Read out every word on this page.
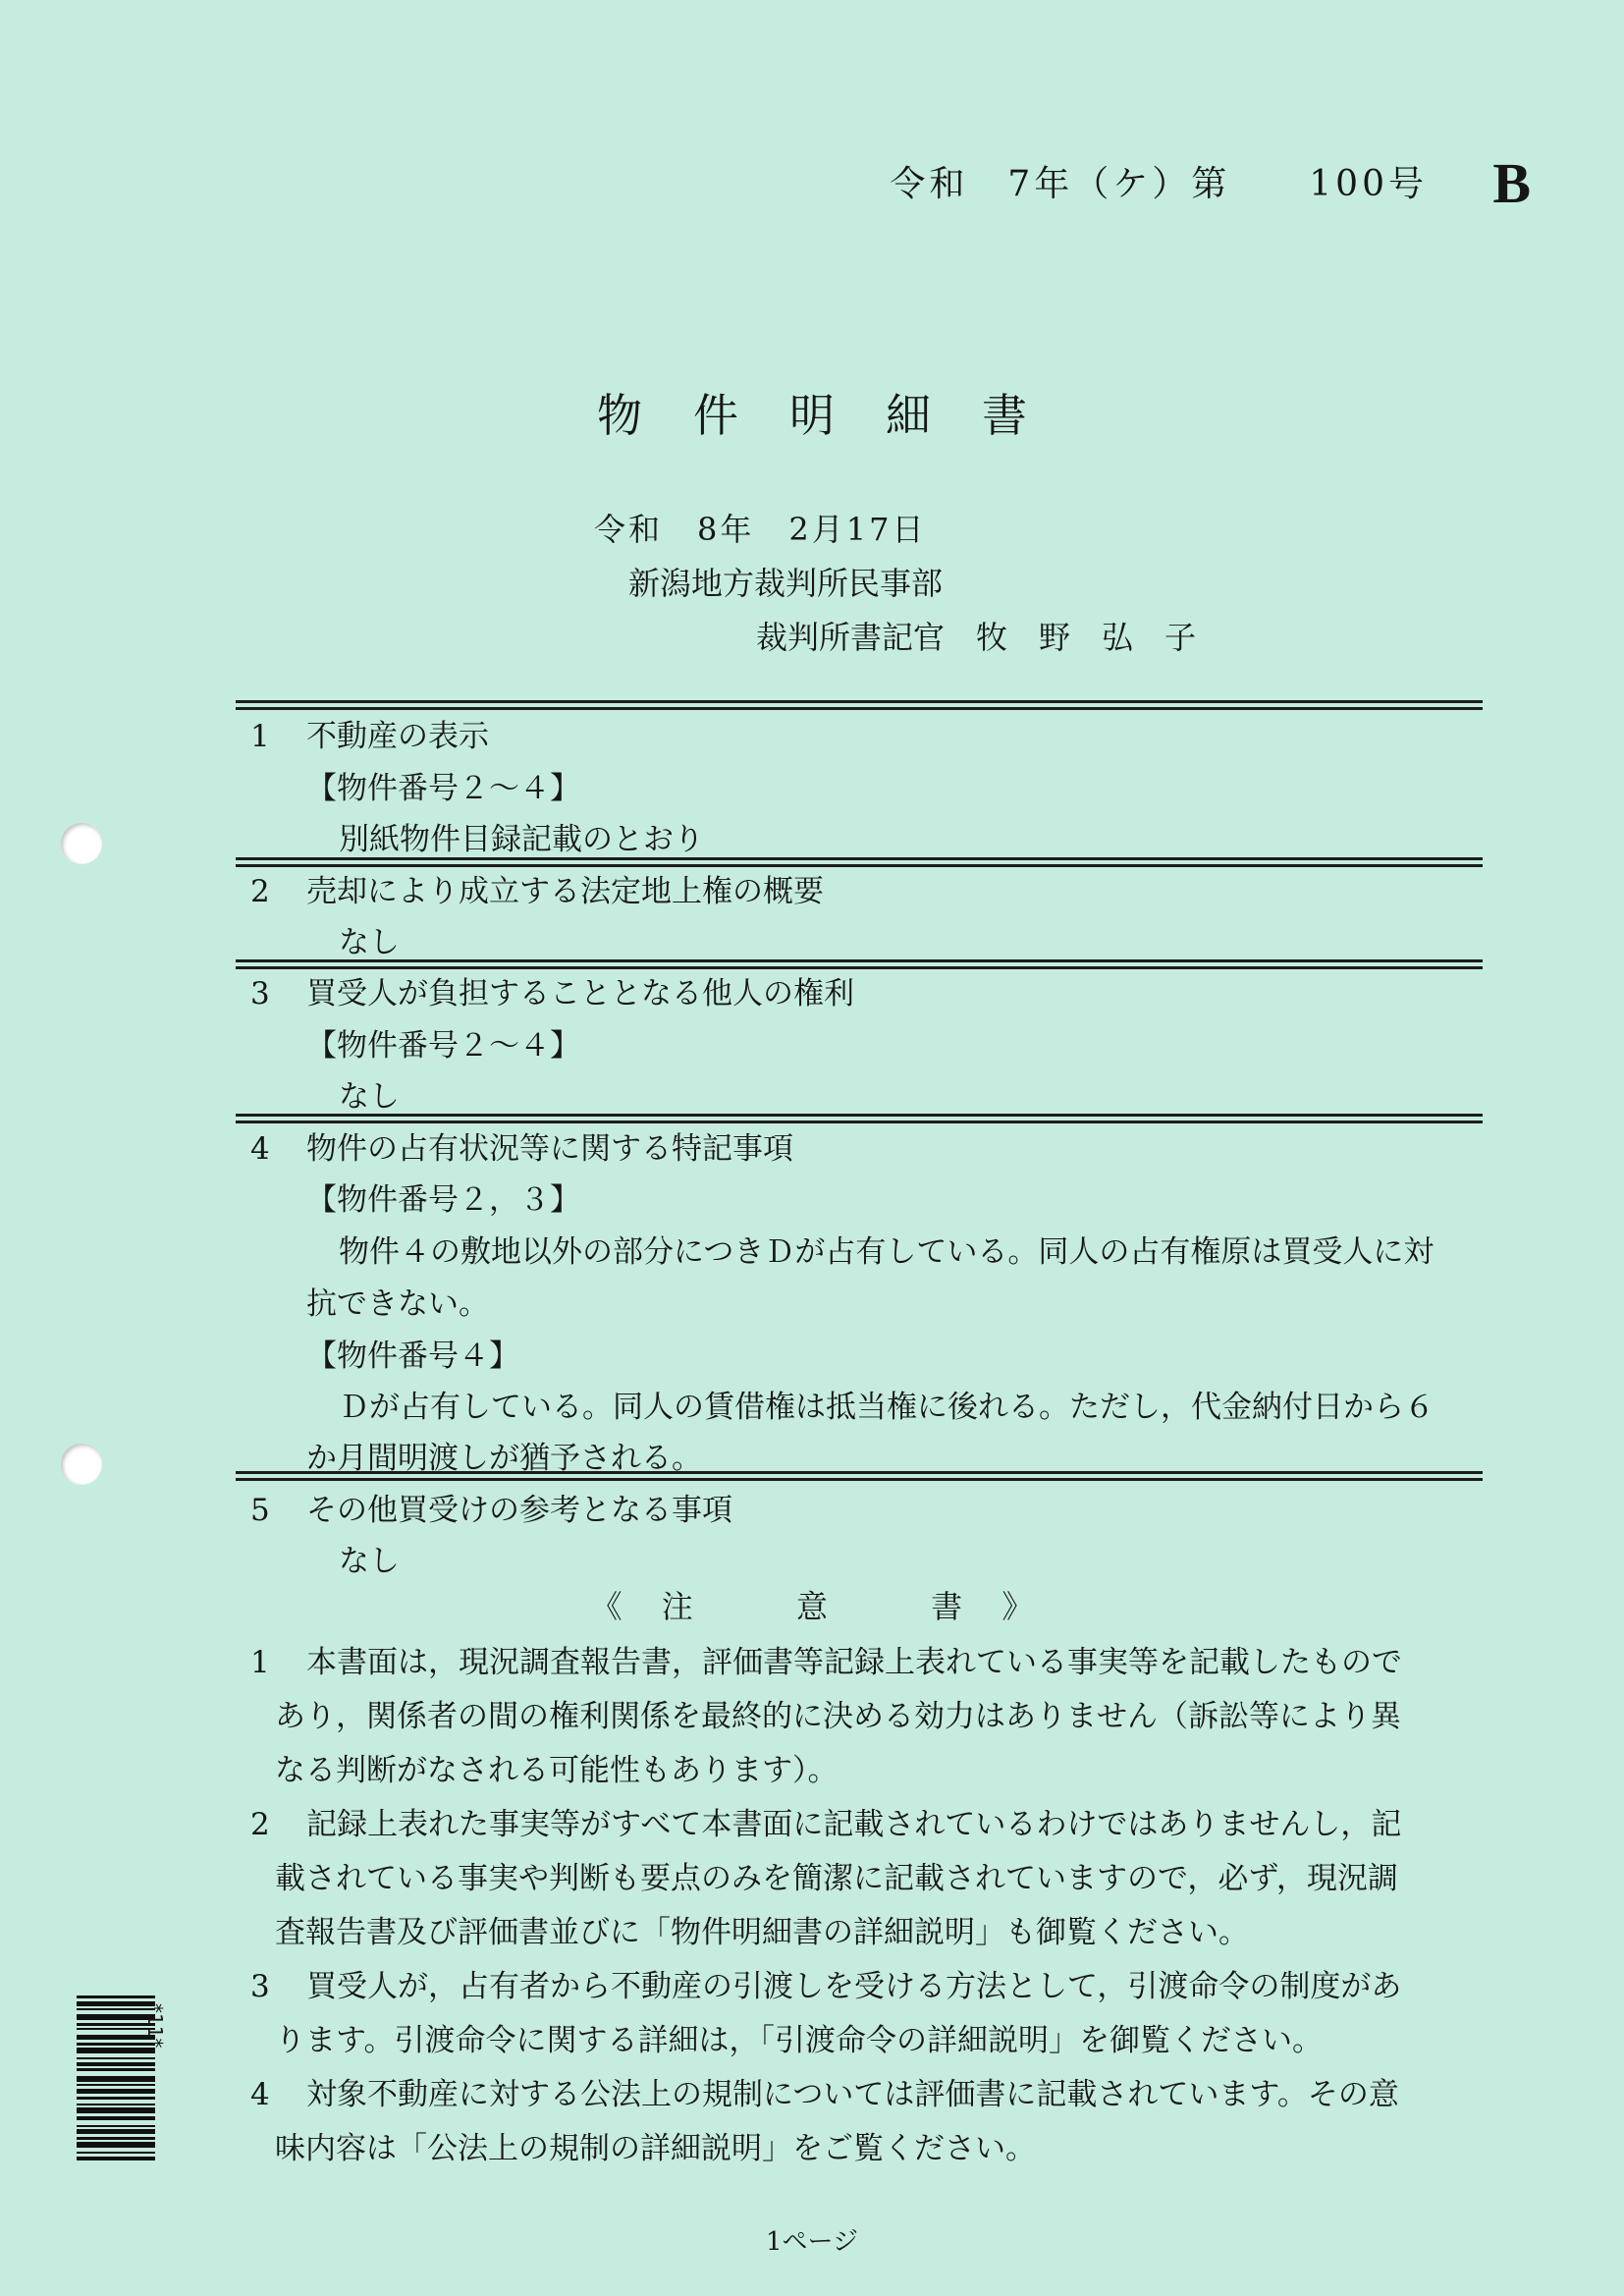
令和　7年（ケ）第　　100号 B
物件明細書
令和　8年　2月17日
新潟地方裁判所民事部
裁判所書記官　牧　野　弘　子
1 不動産の表示
【物件番号２～４】
別紙物件目録記載のとおり
2 売却により成立する法定地上権の概要
なし
3 買受人が負担することとなる他人の権利
【物件番号２～４】
なし
4 物件の占有状況等に関する特記事項
【物件番号２，３】
物件４の敷地以外の部分につきＤが占有している。同人の占有権原は買受人に対
抗できない。
【物件番号４】
Ｄが占有している。同人の賃借権は抵当権に後れる。ただし，代金納付日から６
か月間明渡しが猶予される。
5 その他買受けの参考となる事項
なし
《 注	意	書 》
1 本書面は，現況調査報告書，評価書等記録上表れている事実等を記載したもので
あり，関係者の間の権利関係を最終的に決める効力はありません（訴訟等により異
なる判断がなされる可能性もあります）。
2 記録上表れた事実等がすべて本書面に記載されているわけではありませんし，記
載されている事実や判断も要点のみを簡潔に記載されていますので，必ず，現況調
査報告書及び評価書並びに「物件明細書の詳細説明」も御覧ください。
3 買受人が，占有者から不動産の引渡しを受ける方法として，引渡命令の制度があ
ります。引渡命令に関する詳細は，「引渡命令の詳細説明」を御覧ください。
4 対象不動産に対する公法上の規制については評価書に記載されています。その意
味内容は「公法上の規制の詳細説明」をご覧ください。
*11*
1ページ
